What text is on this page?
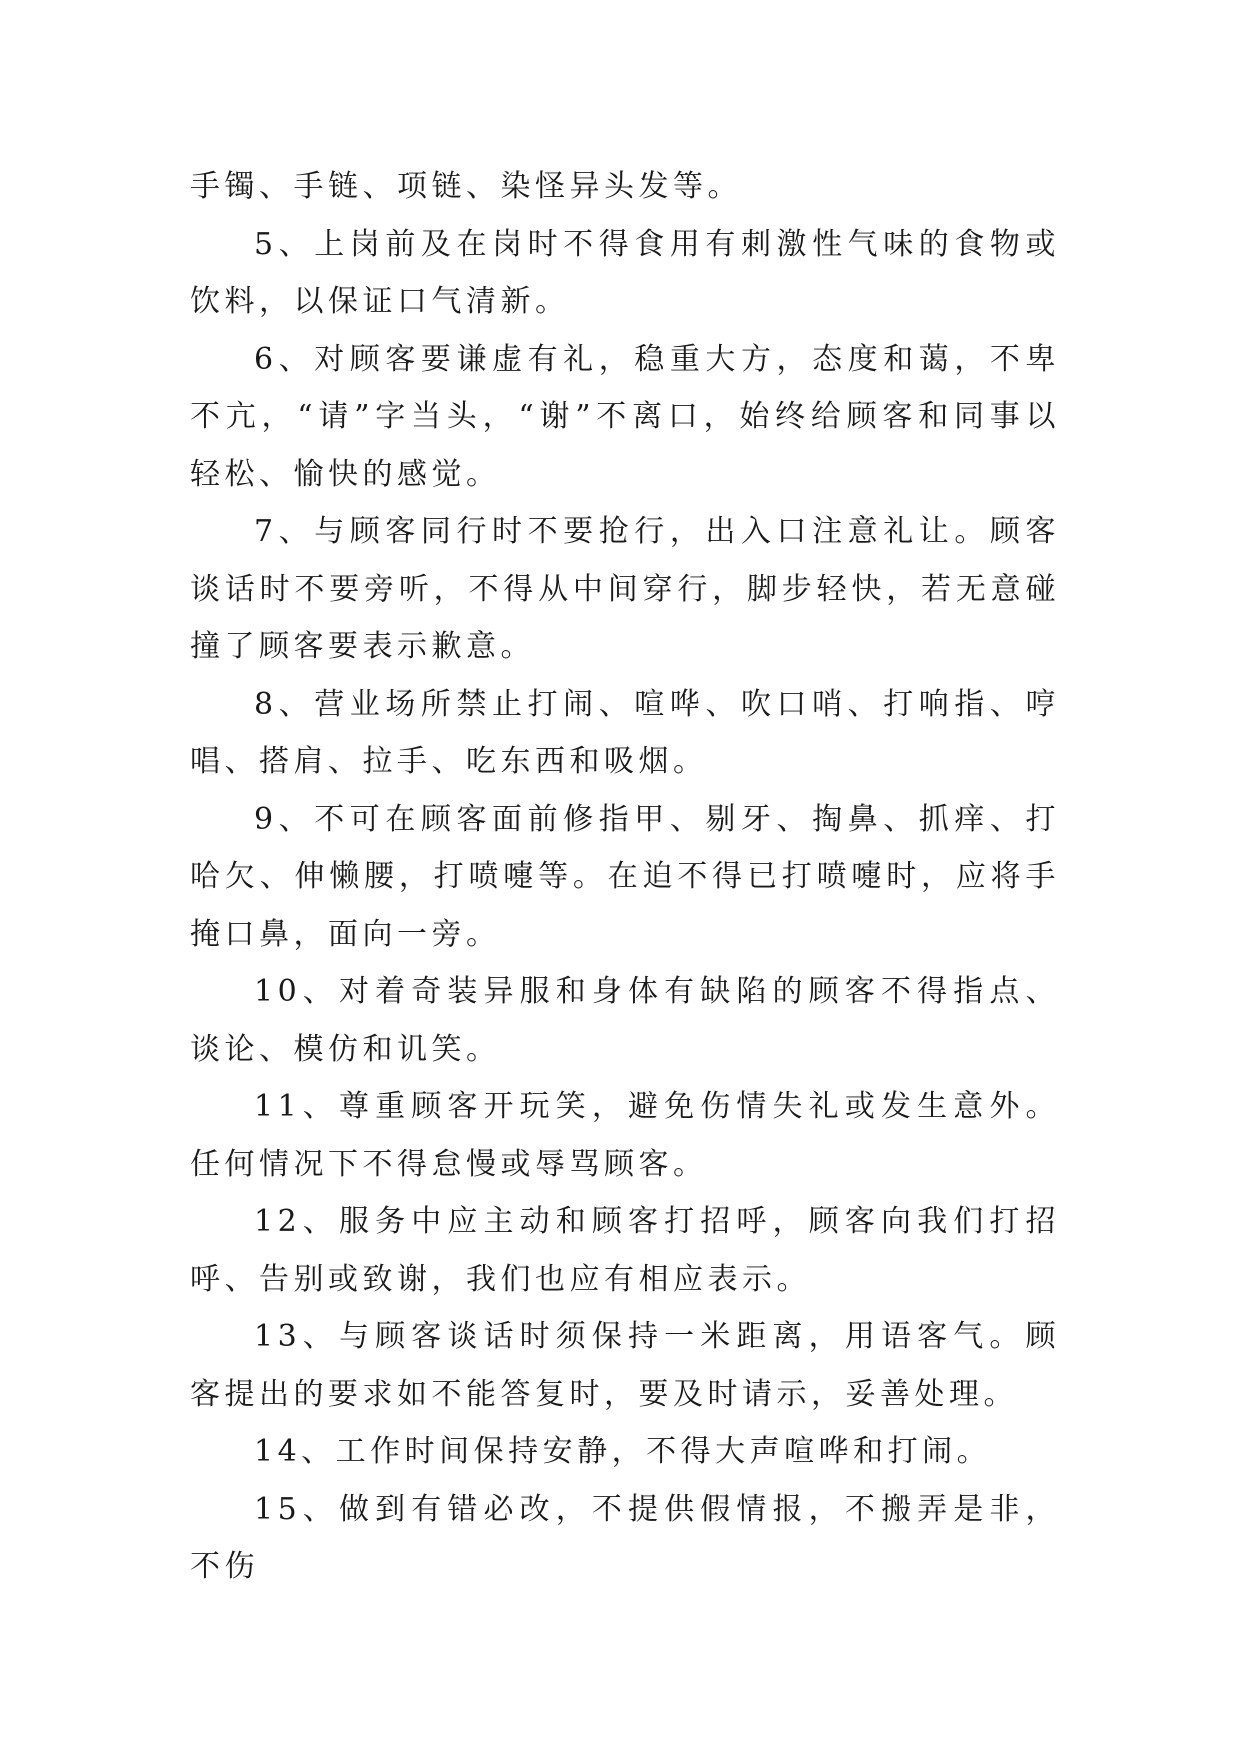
手镯、手链、项链、染怪异头发等。

5、上岗前及在岗时不得食用有刺激性气味的食物或饮料，以保证口气清新。

6、对顾客要谦虚有礼，稳重大方，态度和蔼，不卑不亢，“请”字当头，“谢”不离口，始终给顾客和同事以轻松、愉快的感觉。

7、与顾客同行时不要抢行，出入口注意礼让。顾客谈话时不要旁听，不得从中间穿行，脚步轻快，若无意碰撞了顾客要表示歉意。

8、营业场所禁止打闹、喧哗、吹口哨、打响指、哼唱、搭肩、拉手、吃东西和吸烟。

9、不可在顾客面前修指甲、剔牙、掏鼻、抓痒、打哈欠、伸懒腰，打喷嚏等。在迫不得已打喷嚏时，应将手掩口鼻，面向一旁。

10、对着奇装异服和身体有缺陷的顾客不得指点、谈论、模仿和讥笑。

11、尊重顾客开玩笑，避免伤情失礼或发生意外。任何情况下不得怠慢或辱骂顾客。

12、服务中应主动和顾客打招呼，顾客向我们打招呼、告别或致谢，我们也应有相应表示。

13、与顾客谈话时须保持一米距离，用语客气。顾客提出的要求如不能答复时，要及时请示，妥善处理。

14、工作时间保持安静，不得大声喧哗和打闹。

15、做到有错必改，不提供假情报，不搬弄是非，不伤
